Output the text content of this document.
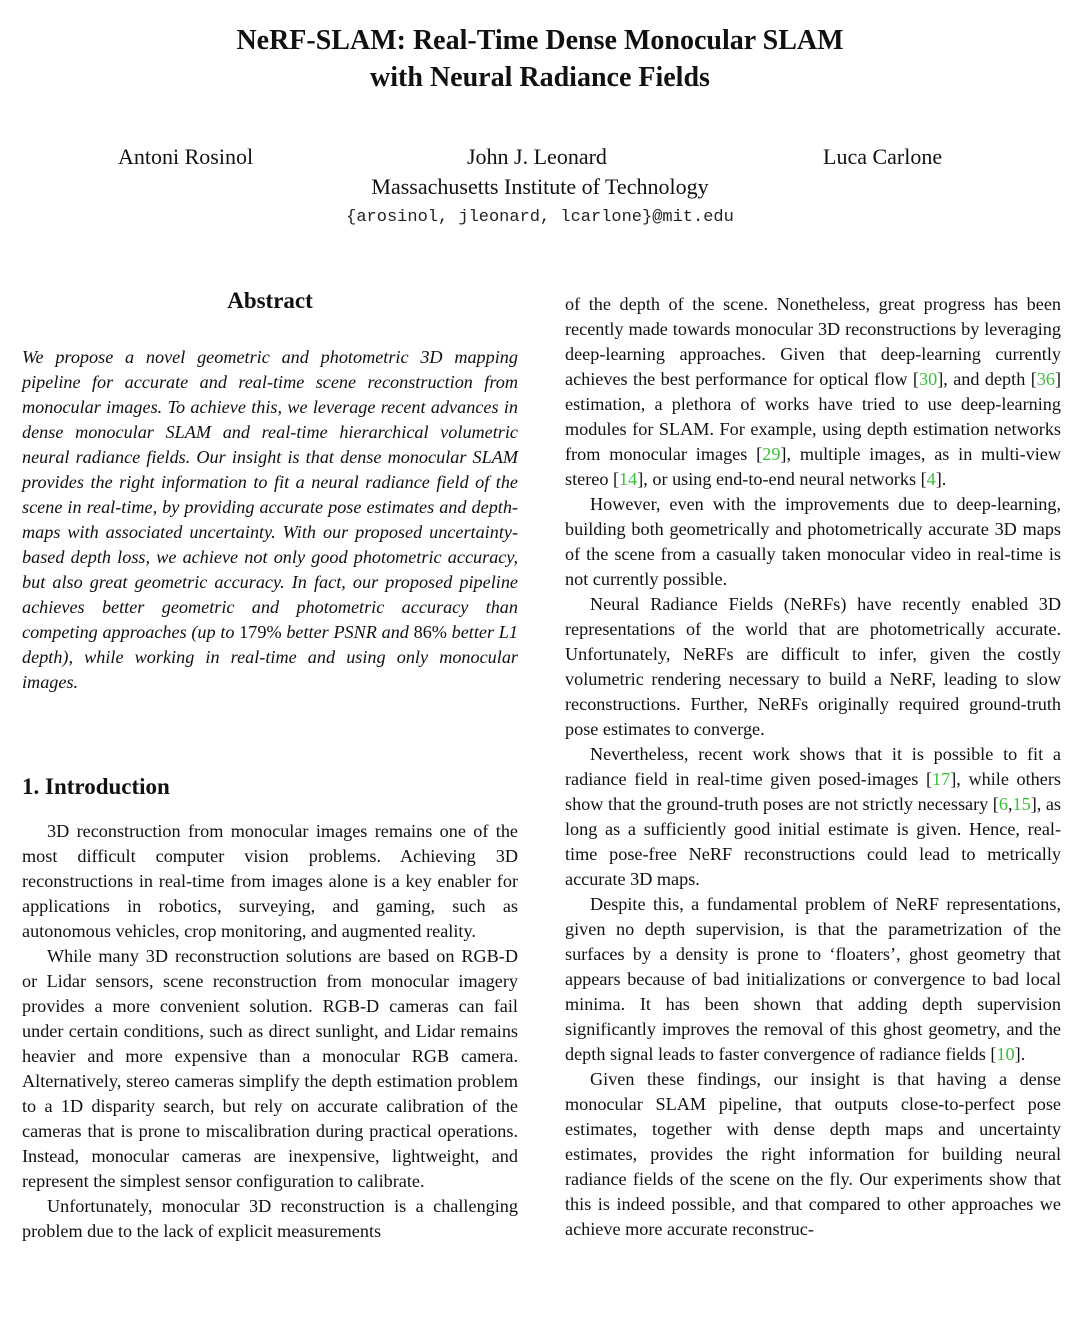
NeRF-SLAM: Real-Time Dense Monocular SLAM
with Neural Radiance Fields
Antoni Rosinol	John J. Leonard	Luca Carlone
Massachusetts Institute of Technology
{arosinol, jleonard, lcarlone}@mit.edu
Abstract
We propose a novel geometric and photometric 3D mapping pipeline for accurate and real-time scene reconstruction from monocular images. To achieve this, we leverage recent advances in dense monocular SLAM and real-time hierarchical volumetric neural radiance fields. Our insight is that dense monocular SLAM provides the right information to fit a neural radiance field of the scene in real-time, by providing accurate pose estimates and depth-maps with associated uncertainty. With our proposed uncertainty-based depth loss, we achieve not only good photometric accuracy, but also great geometric accuracy. In fact, our proposed pipeline achieves better geometric and photometric accuracy than competing approaches (up to 179% better PSNR and 86% better L1 depth), while working in real-time and using only monocular images.
1. Introduction

3D reconstruction from monocular images remains one of the most difficult computer vision problems. Achieving 3D reconstructions in real-time from images alone is a key enabler for applications in robotics, surveying, and gaming, such as autonomous vehicles, crop monitoring, and augmented reality.

While many 3D reconstruction solutions are based on RGB-D or Lidar sensors, scene reconstruction from monocular imagery provides a more convenient solution. RGB-D cameras can fail under certain conditions, such as direct sunlight, and Lidar remains heavier and more expensive than a monocular RGB camera. Alternatively, stereo cameras simplify the depth estimation problem to a 1D disparity search, but rely on accurate calibration of the cameras that is prone to miscalibration during practical operations. Instead, monocular cameras are inexpensive, lightweight, and represent the simplest sensor configuration to calibrate.

Unfortunately, monocular 3D reconstruction is a challenging problem due to the lack of explicit measurements

of the depth of the scene. Nonetheless, great progress has been recently made towards monocular 3D reconstructions by leveraging deep-learning approaches. Given that deep-learning currently achieves the best performance for optical flow [30], and depth [36] estimation, a plethora of works have tried to use deep-learning modules for SLAM. For example, using depth estimation networks from monocular images [29], multiple images, as in multi-view stereo [14], or using end-to-end neural networks [4].

However, even with the improvements due to deep-learning, building both geometrically and photometrically accurate 3D maps of the scene from a casually taken monocular video in real-time is not currently possible.

Neural Radiance Fields (NeRFs) have recently enabled 3D representations of the world that are photometrically accurate. Unfortunately, NeRFs are difficult to infer, given the costly volumetric rendering necessary to build a NeRF, leading to slow reconstructions. Further, NeRFs originally required ground-truth pose estimates to converge.

Nevertheless, recent work shows that it is possible to fit a radiance field in real-time given posed-images [17], while others show that the ground-truth poses are not strictly necessary [6,15], as long as a sufficiently good initial estimate is given. Hence, real-time pose-free NeRF reconstructions could lead to metrically accurate 3D maps.

Despite this, a fundamental problem of NeRF representations, given no depth supervision, is that the parametrization of the surfaces by a density is prone to ‘floaters’, ghost geometry that appears because of bad initializations or convergence to bad local minima. It has been shown that adding depth supervision significantly improves the removal of this ghost geometry, and the depth signal leads to faster convergence of radiance fields [10].

Given these findings, our insight is that having a dense monocular SLAM pipeline, that outputs close-to-perfect pose estimates, together with dense depth maps and uncertainty estimates, provides the right information for building neural radiance fields of the scene on the fly. Our experiments show that this is indeed possible, and that compared to other approaches we achieve more accurate reconstruc-
